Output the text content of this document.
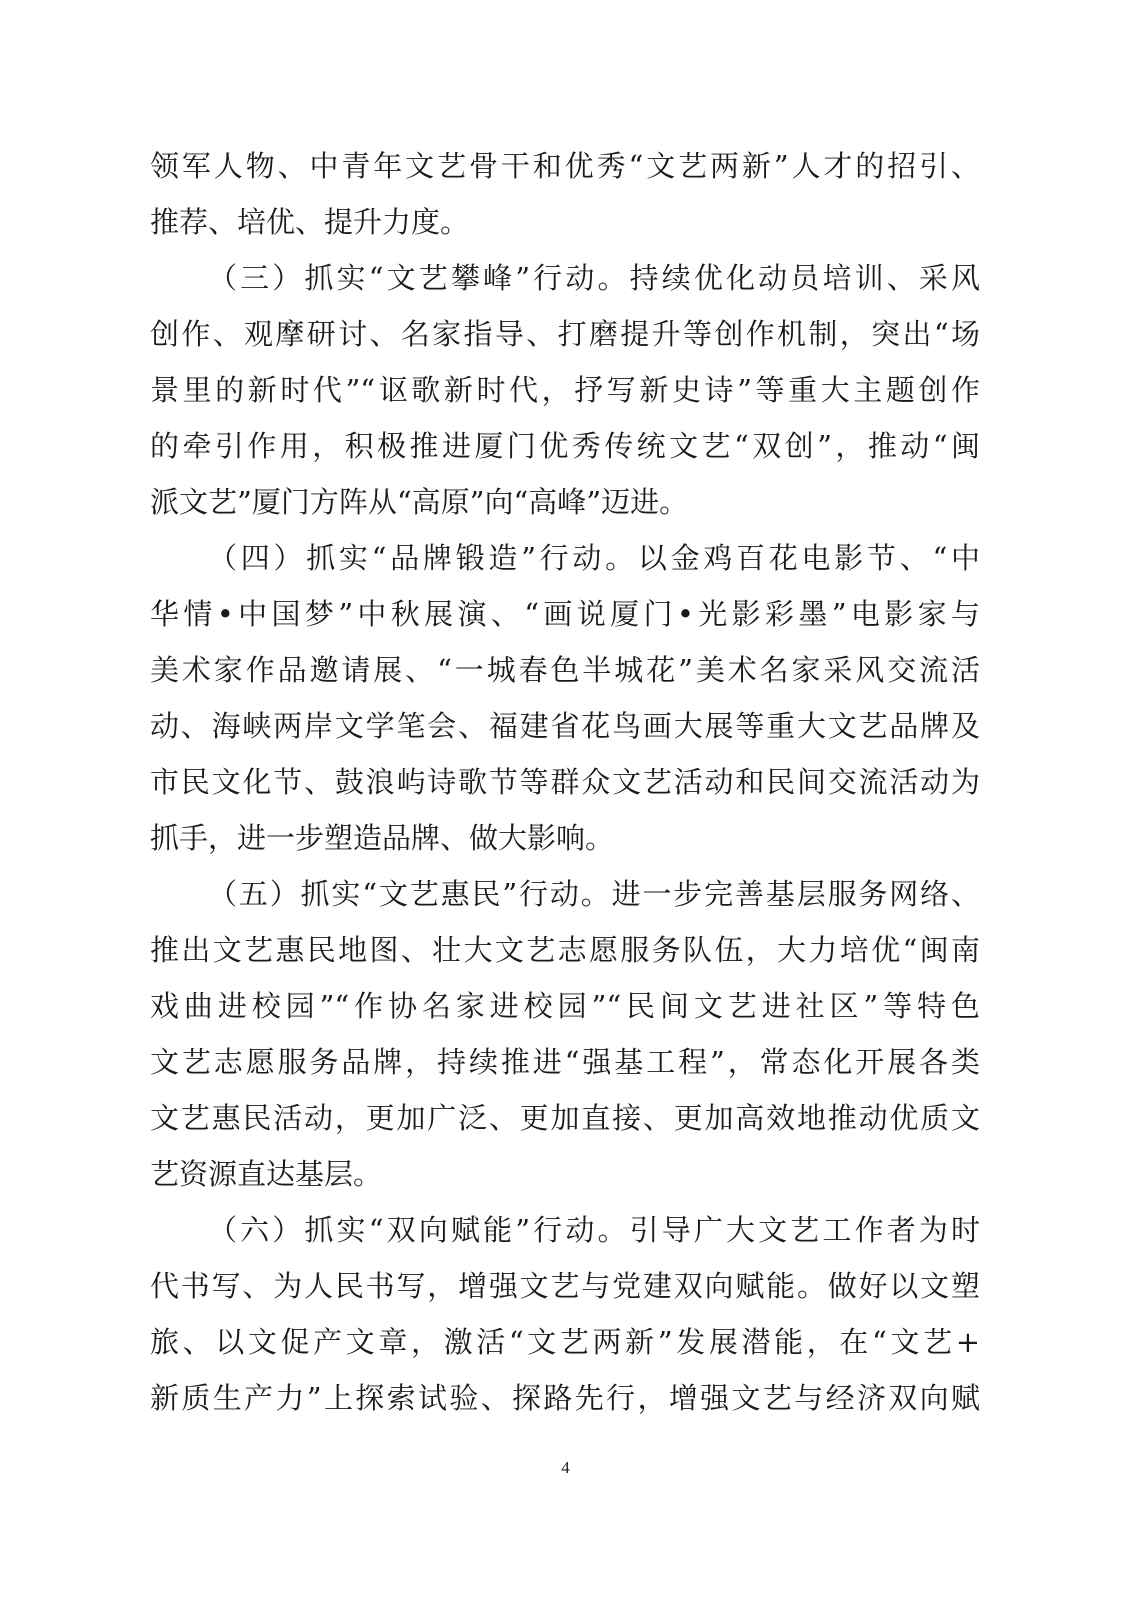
领军人物、中青年文艺骨干和优秀“文艺两新”人才的招引、
推荐、培优、提升力度。
（三）抓实“文艺攀峰”行动。持续优化动员培训、采风
创作、观摩研讨、名家指导、打磨提升等创作机制，突出“场
景里的新时代”“讴歌新时代，抒写新史诗”等重大主题创作
的牵引作用，积极推进厦门优秀传统文艺“双创”，推动“闽
派文艺”厦门方阵从“高原”向“高峰”迈进。
（四）抓实“品牌锻造”行动。以金鸡百花电影节、“中
华情•中国梦”中秋展演、“画说厦门•光影彩墨”电影家与
美术家作品邀请展、“一城春色半城花”美术名家采风交流活
动、海峡两岸文学笔会、福建省花鸟画大展等重大文艺品牌及
市民文化节、鼓浪屿诗歌节等群众文艺活动和民间交流活动为
抓手，进一步塑造品牌、做大影响。
（五）抓实“文艺惠民”行动。进一步完善基层服务网络、
推出文艺惠民地图、壮大文艺志愿服务队伍，大力培优“闽南
戏曲进校园”“作协名家进校园”“民间文艺进社区”等特色
文艺志愿服务品牌，持续推进“强基工程”，常态化开展各类
文艺惠民活动，更加广泛、更加直接、更加高效地推动优质文
艺资源直达基层。
（六）抓实“双向赋能”行动。引导广大文艺工作者为时
代书写、为人民书写，增强文艺与党建双向赋能。做好以文塑
旅、以文促产文章，激活“文艺两新”发展潜能，在“文艺+
新质生产力”上探索试验、探路先行，增强文艺与经济双向赋
4
